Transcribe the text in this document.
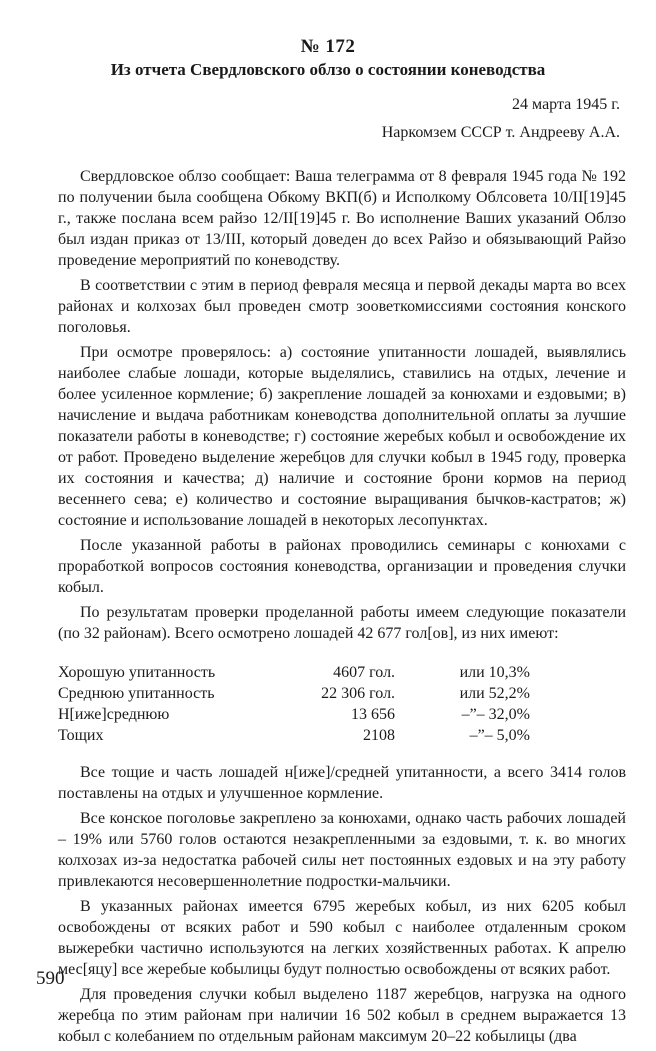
№ 172
Из отчета Свердловского облзо о состоянии коневодства

24 марта 1945 г.

Наркомзем СССР т. Андрееву А.А.

Свердловское облзо сообщает: Ваша телеграмма от 8 февраля 1945 года № 192 по получении была сообщена Обкому ВКП(б) и Исполкому Облсовета 10/II[19]45 г., также послана всем райзо 12/II[19]45 г. Во исполнение Ваших указаний Облзо был издан приказ от 13/III, который доведен до всех Райзо и обязывающий Райзо проведение мероприятий по коневодству.

В соответствии с этим в период февраля месяца и первой декады марта во всех районах и колхозах был проведен смотр зооветкомиссиями состояния конского поголовья.

При осмотре проверялось: а) состояние упитанности лошадей, выявлялись наиболее слабые лошади, которые выделялись, ставились на отдых, лечение и более усиленное кормление; б) закрепление лошадей за конюхами и ездовыми; в) начисление и выдача работникам коневодства дополнительной оплаты за лучшие показатели работы в коневодстве; г) состояние жеребых кобыл и освобождение их от работ. Проведено выделение жеребцов для случки кобыл в 1945 году, проверка их состояния и качества; д) наличие и состояние брони кормов на период весеннего сева; е) количество и состояние выращивания бычков-кастратов; ж) состояние и использование лошадей в некоторых лесопунктах.

После указанной работы в районах проводились семинары с конюхами с проработкой вопросов состояния коневодства, организации и проведения случки кобыл.

По результатам проверки проделанной работы имеем следующие показатели (по 32 районам). Всего осмотрено лошадей 42 677 гол[ов], из них имеют:

Хорошую упитанность	4607 гол.	или 10,3%
Среднюю упитанность	22 306 гол.	или 52,2%
Н[иже]среднюю	13 656	–”– 32,0%
Тощих	2108	–”– 5,0%

Все тощие и часть лошадей н[иже]/средней упитанности, а всего 3414 голов поставлены на отдых и улучшенное кормление.

Все конское поголовье закреплено за конюхами, однако часть рабочих лошадей – 19% или 5760 голов остаются незакрепленными за ездовыми, т. к. во многих колхозах из-за недостатка рабочей силы нет постоянных ездовых и на эту работу привлекаются несовершеннолетние подростки-мальчики.

В указанных районах имеется 6795 жеребых кобыл, из них 6205 кобыл освобождены от всяких работ и 590 кобыл с наиболее отдаленным сроком выжеребки частично используются на легких хозяйственных работах. К апрелю мес[яцу] все жеребые кобылицы будут полностью освобождены от всяких работ.

Для проведения случки кобыл выделено 1187 жеребцов, нагрузка на одного жеребца по этим районам при наличии 16 502 кобыл в среднем выражается 13 кобыл с колебанием по отдельным районам максимум 20–22 кобылицы (два

590
